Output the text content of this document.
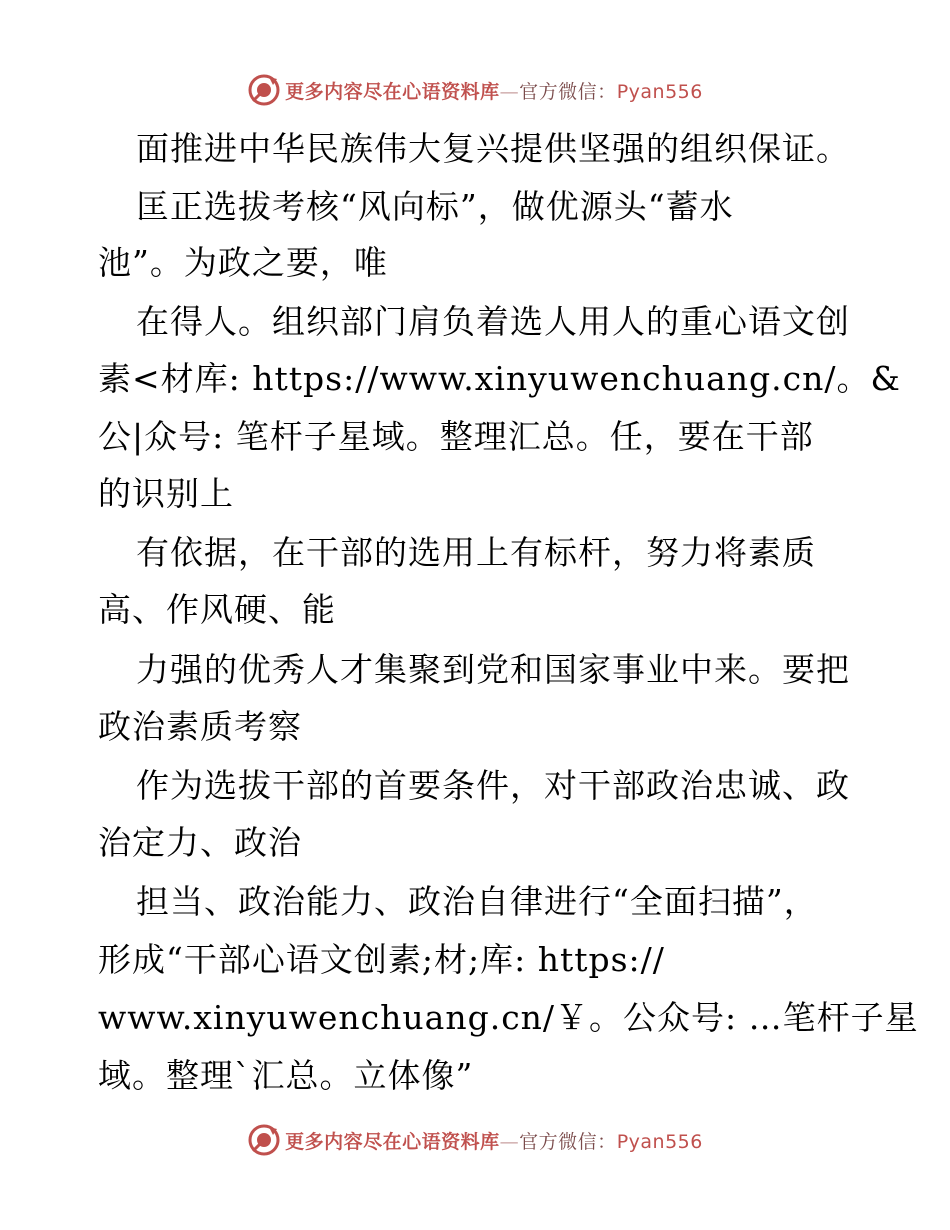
更多内容尽在心语资料库—官方微信：Pyan556
面推进中华民族伟大复兴提供坚强的组织保证。
匡正选拔考核“风向标”，做优源头“蓄水
池”。为政之要，唯
在得人。组织部门肩负着选人用人的重心语文创
素<材库: https://www.xinyuwenchuang.cn/。&
公|众号: 笔杆子星域。整理汇总。任，要在干部
的识别上
有依据，在干部的选用上有标杆，努力将素质
高、作风硬、能
力强的优秀人才集聚到党和国家事业中来。要把
政治素质考察
作为选拔干部的首要条件，对干部政治忠诚、政
治定力、政治
担当、政治能力、政治自律进行“全面扫描”，
形成“干部心语文创素;材;库: https://
www.xinyuwenchuang.cn/￥。公众号: …笔杆子星
域。整理`汇总。立体像”
更多内容尽在心语资料库—官方微信：Pyan556
